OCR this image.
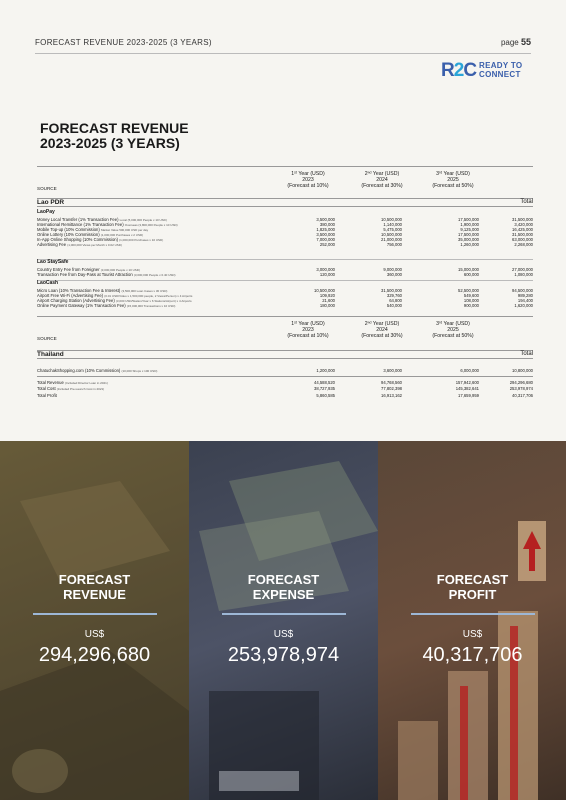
FORECAST REVENUE 2023-2025 (3 YEARS)	page 55
R2C READY TO
CONNECT
FORECAST REVENUE
2023-2025 (3 YEARS)
1ˢᵗ Year (USD)
2023
(Forecast at 10%)
2ⁿᵈ Year (USD)
2024
(Forecast at 30%)
3ʳᵈ Year (USD)
2025
(Forecast at 50%)
SOURCE
Lao PDR	Total
LaoPay
Money Local Transfer (1% Transaction Fee) Local (5,000,000 People x 10 USD)	3,500,000	10,500,000	17,500,000	31,500,000
International Remittance (1% Transaction Fee) Overseas (3,800,000 People x 10 USD)	380,000	1,140,000	1,900,000	3,420,000
Mobile Top-up (10% Commission) Market Value 500,000 USD per day	1,825,000	5,475,000	9,125,000	16,425,000
Online Lottery (10% Commission) (1,000,000 Purchases x 2 USD)	3,500,000	10,500,000	17,500,000	31,500,000
In-App Online Shopping (10% Commission) (1,000,000 Purchases x 10 USD)	7,000,000	21,000,000	35,000,000	63,000,000
Advertising Fee (1,000,000 Views per Month x 0.02 USD)	252,000	756,000	1,260,000	2,268,000
Lao StaySafe
Country Entry Fee from Foreigner (3,000,000 People x 10 USD)	3,000,000	9,000,000	15,000,000	27,000,000
Transaction Fee from Day-Pass at Tourist Attraction (3,000,000 People x 0.40 USD)	120,000	360,000	600,000	1,080,000
LaoCash
Micro Loan (10% Transaction Fee & Interest) (3,500,000 Loan Cases x 30 USD)	10,500,000	31,500,000	52,500,000	94,500,000
Airport Free Wi-Fi (Advertising Fee) (0.01 USD/Video x 1,500,000 people, 2 Views/Person) x 4 Airports	109,920	329,760	549,600	989,280
Airport Charging Station (Advertising Fee) (3,000 USD/Station/Year x 6 Stations/Airport) x 4 Airports	21,600	64,800	108,000	194,400
Online Payment Gateway (1% Transaction Fee) (15,000,000 Transactions x 10 USD)	180,000	540,000	900,000	1,620,000
1ˢᵗ Year (USD)
2023
(Forecast at 10%)
2ⁿᵈ Year (USD)
2024
(Forecast at 30%)
3ʳᵈ Year (USD)
2025
(Forecast at 50%)
SOURCE
Thailand	Total
ChatuchakShopping.com (10% Commission) (10,000 Shops x 100 USD)	1,200,000	3,600,000	6,000,000	10,800,000
Total Revenue (Included Director Loan in 2021)	44,588,520	94,768,560	157,942,600	294,296,680
Total Cost (Included Pre-Launch Cost in 2021)	38,727,935	77,802,398	145,382,641	253,978,974
Total Profit	5,860,585	16,913,162	17,659,959	40,317,706
FORECAST
REVENUE
US$
294,296,680
FORECAST
EXPENSE
US$
253,978,974
FORECAST
PROFIT
US$
40,317,706
